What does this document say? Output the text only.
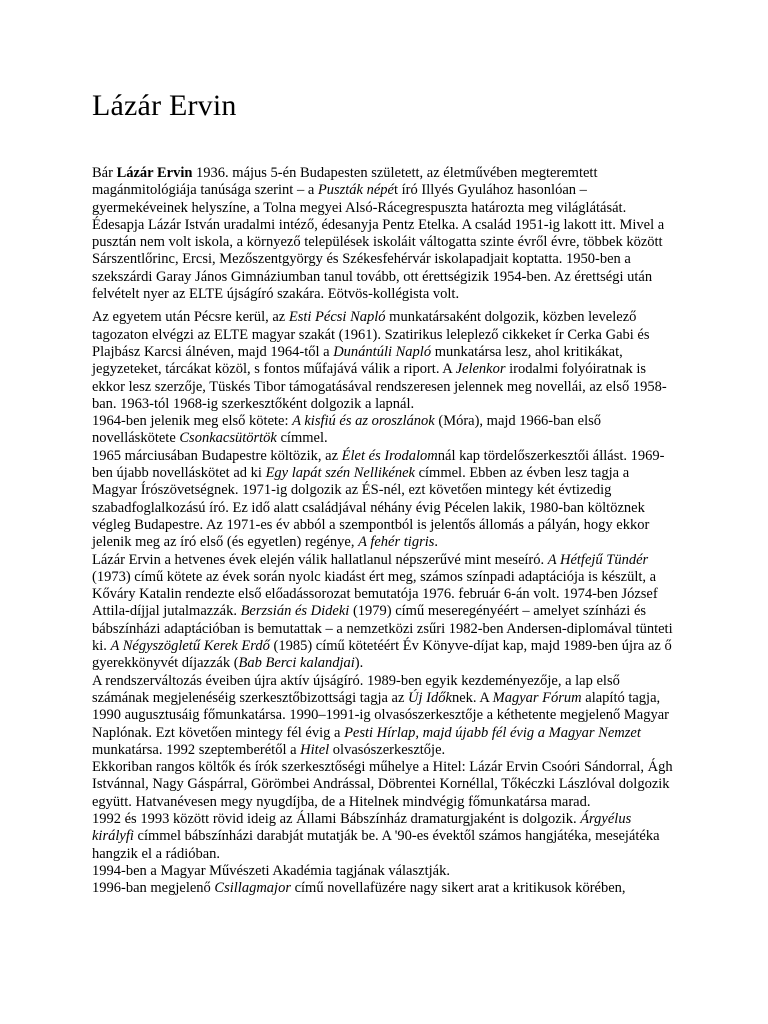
Lázár Ervin

Bár Lázár Ervin 1936. május 5-én Budapesten született, az életművében megteremtett magánmitológiája tanúsága szerint – a Puszták népét író Illyés Gyulához hasonlóan – gyermekéveinek helyszíne, a Tolna megyei Alsó-Rácegrespuszta határozta meg világlátását. Édesapja Lázár István uradalmi intéző, édesanyja Pentz Etelka. A család 1951-ig lakott itt. Mivel a pusztán nem volt iskola, a környező települések iskoláit váltogatta szinte évről évre, többek között Sárszentlőrinc, Ercsi, Mezőszentgyörgy és Székesfehérvár iskolapadjait koptatta. 1950-ben a szekszárdi Garay János Gimnáziumban tanul tovább, ott érettségizik 1954-ben. Az érettségi után felvételt nyer az ELTE újságíró szakára. Eötvös-kollégista volt.

Az egyetem után Pécsre kerül, az Esti Pécsi Napló munkatársaként dolgozik, közben levelező tagozaton elvégzi az ELTE magyar szakát (1961). Szatirikus leleplező cikkeket ír Cerka Gabi és Plajbász Karcsi álnéven, majd 1964-től a Dunántúli Napló munkatársa lesz, ahol kritikákat, jegyzeteket, tárcákat közöl, s fontos műfajává válik a riport. A Jelenkor irodalmi folyóiratnak is ekkor lesz szerzője, Tüskés Tibor támogatásával rendszeresen jelennek meg novellái, az első 1958-ban. 1963-tól 1968-ig szerkesztőként dolgozik a lapnál.

1964-ben jelenik meg első kötete: A kisfiú és az oroszlánok (Móra), majd 1966-ban első novelláskötete Csonkacsütörtök címmel.

1965 márciusában Budapestre költözik, az Élet és Irodalomnál kap tördelőszerkesztői állást. 1969-ben újabb novelláskötet ad ki Egy lapát szén Nellikének címmel. Ebben az évben lesz tagja a Magyar Írószövetségnek. 1971-ig dolgozik az ÉS-nél, ezt követően mintegy két évtizedig szabadfoglalkozású író. Ez idő alatt családjával néhány évig Pécelen lakik, 1980-ban költöznek végleg Budapestre. Az 1971-es év abból a szempontból is jelentős állomás a pályán, hogy ekkor jelenik meg az író első (és egyetlen) regénye, A fehér tigris.

Lázár Ervin a hetvenes évek elején válik hallatlanul népszerűvé mint meseíró. A Hétfejű Tündér (1973) című kötete az évek során nyolc kiadást ért meg, számos színpadi adaptációja is készült, a Kőváry Katalin rendezte első előadássorozat bemutatója 1976. február 6-án volt. 1974-ben József Attila-díjjal jutalmazzák. Berzsián és Dideki (1979) című meseregényéért – amelyet színházi és bábszínházi adaptációban is bemutattak – a nemzetközi zsűri 1982-ben Andersen-diplomával tünteti ki. A Négyszögletű Kerek Erdő (1985) című kötetéért Év Könyve-díjat kap, majd 1989-ben újra az ő gyerekkönyvét díjazzák (Bab Berci kalandjai).

A rendszerváltozás éveiben újra aktív újságíró. 1989-ben egyik kezdeményezője, a lap első számának megjelenéséig szerkesztőbizottsági tagja az Új Időknek. A Magyar Fórum alapító tagja, 1990 augusztusáig főmunkatársa. 1990–1991-ig olvasószerkesztője a kéthetente megjelenő Magyar Naplónak. Ezt követően mintegy fél évig a Pesti Hírlap, majd újabb fél évig a Magyar Nemzet munkatársa. 1992 szeptemberétől a Hitel olvasószerkesztője.

Ekkoriban rangos költők és írók szerkesztőségi műhelye a Hitel: Lázár Ervin Csoóri Sándorral, Ágh Istvánnal, Nagy Gáspárral, Görömbei Andrással, Döbrentei Kornéllal, Tőkéczki Lászlóval dolgozik együtt. Hatvanévesen megy nyugdíjba, de a Hitelnek mindvégig főmunkatársa marad.

1992 és 1993 között rövid ideig az Állami Bábszínház dramaturgjaként is dolgozik. Árgyélus királyfi címmel bábszínházi darabját mutatják be. A '90-es évektől számos hangjátéka, mesejátéka hangzik el a rádióban.

1994-ben a Magyar Művészeti Akadémia tagjának választják.

1996-ban megjelenő Csillagmajor című novellafüzére nagy sikert arat a kritikusok körében,
